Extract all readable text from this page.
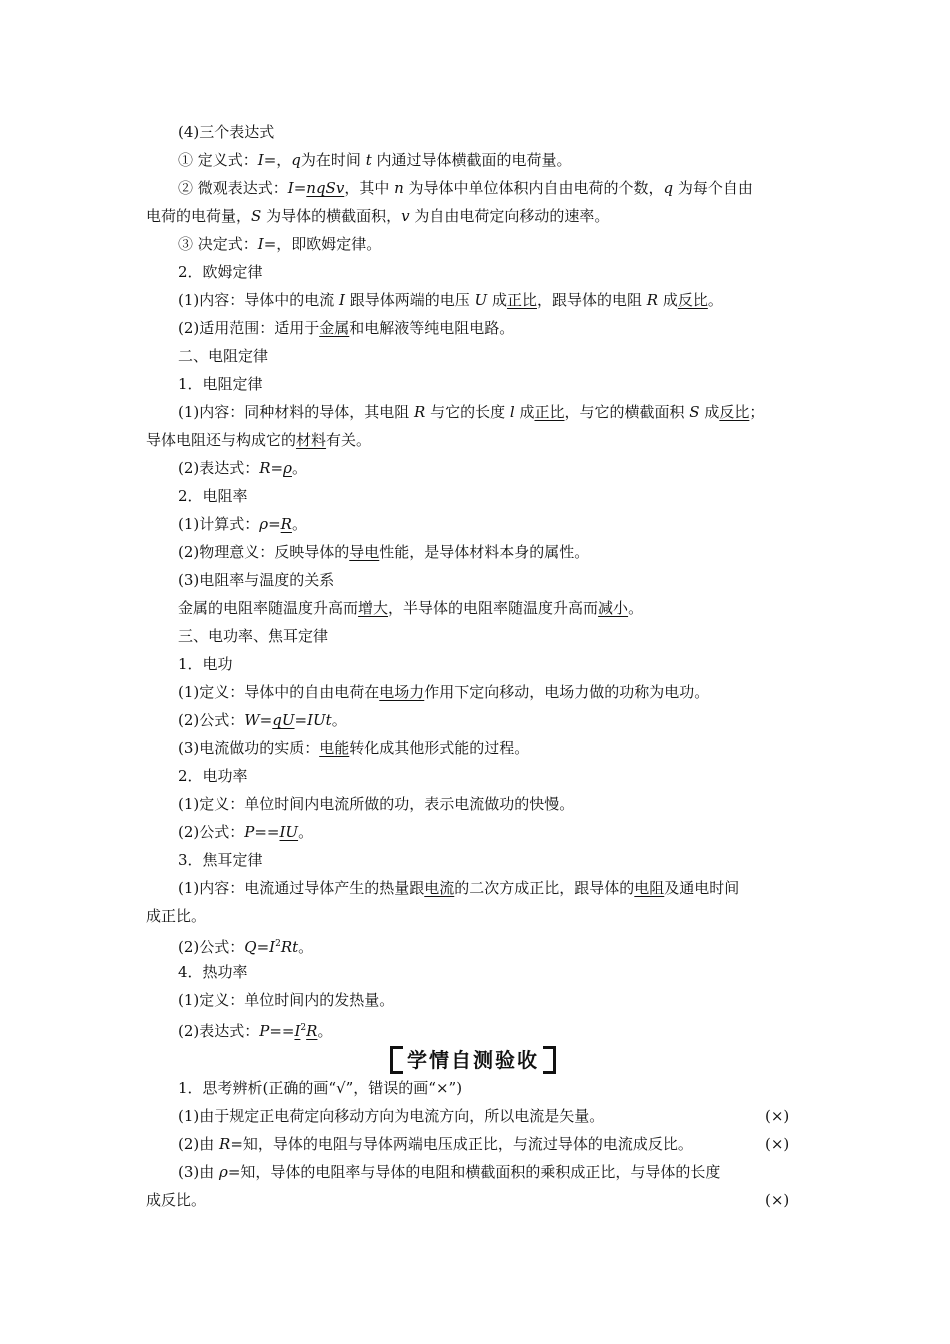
(4)三个表达式
① 定义式：I=，q为在时间 t 内通过导体横截面的电荷量。
② 微观表达式：I=nqSv，其中 n 为导体中单位体积内自由电荷的个数，q 为每个自由
电荷的电荷量，S 为导体的横截面积，v 为自由电荷定向移动的速率。
③ 决定式：I=，即欧姆定律。
2．欧姆定律
(1)内容：导体中的电流 I 跟导体两端的电压 U 成正比，跟导体的电阻 R 成反比。
(2)适用范围：适用于金属和电解液等纯电阻电路。
二、电阻定律
1．电阻定律
(1)内容：同种材料的导体，其电阻 R 与它的长度 l 成正比，与它的横截面积 S 成反比；
导体电阻还与构成它的材料有关。
(2)表达式：R=ρ。
2．电阻率
(1)计算式：ρ=R。
(2)物理意义：反映导体的导电性能，是导体材料本身的属性。
(3)电阻率与温度的关系
金属的电阻率随温度升高而增大，半导体的电阻率随温度升高而减小。
三、电功率、焦耳定律
1．电功
(1)定义：导体中的自由电荷在电场力作用下定向移动，电场力做的功称为电功。
(2)公式：W=qU=IUt。
(3)电流做功的实质：电能转化成其他形式能的过程。
2．电功率
(1)定义：单位时间内电流所做的功，表示电流做功的快慢。
(2)公式：P==IU。
3．焦耳定律
(1)内容：电流通过导体产生的热量跟电流的二次方成正比，跟导体的电阻及通电时间
成正比。
(2)公式：$Q=I^2Rt$。
4．热功率
(1)定义：单位时间内的发热量。
(2)表达式：$P==I^2R$。
学情自测验收
1．思考辨析(正确的画“√”，错误的画“×”)
(1)由于规定正电荷定向移动方向为电流方向，所以电流是矢量。	(×)
(2)由 R=知，导体的电阻与导体两端电压成正比，与流过导体的电流成反比。	(×)
(3)由 ρ=知，导体的电阻率与导体的电阻和横截面积的乘积成正比，与导体的长度
成反比。	(×)
